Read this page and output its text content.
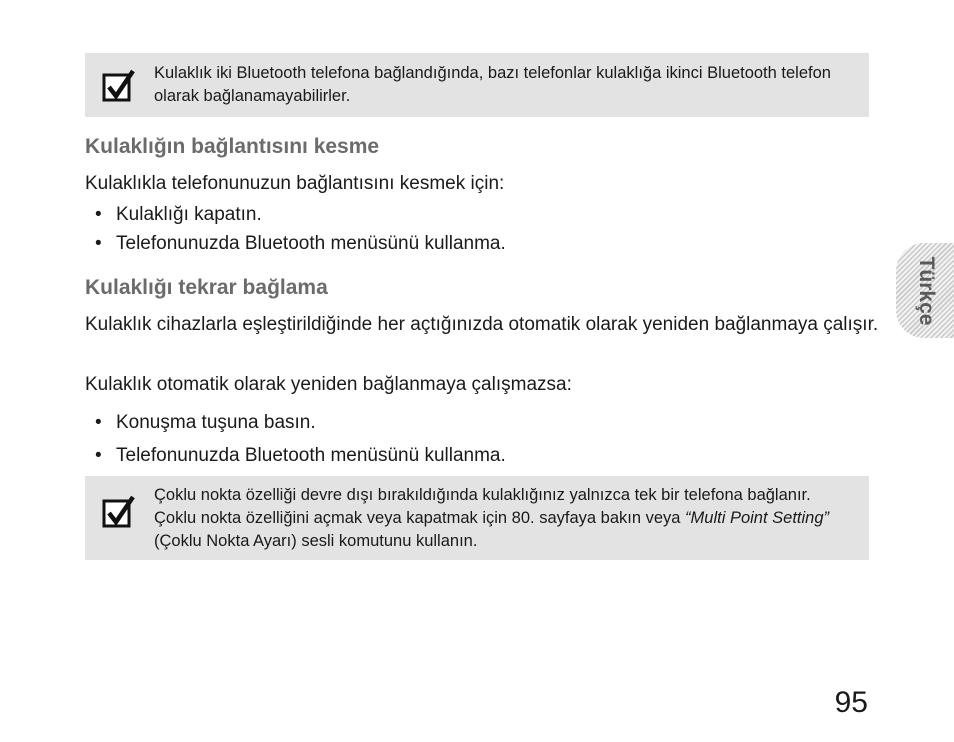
Kulaklık iki Bluetooth telefona bağlandığında, bazı telefonlar kulaklığa ikinci Bluetooth telefon olarak bağlanamayabilirler.
Kulaklığın bağlantısını kesme

Kulaklıkla telefonunuzun bağlantısını kesmek için:

• Kulaklığı kapatın.

• Telefonunuzda Bluetooth menüsünü kullanma.

Kulaklığı tekrar bağlama

Kulaklık cihazlarla eşleştirildiğinde her açtığınızda otomatik olarak yeniden bağlanmaya çalışır.

Kulaklık otomatik olarak yeniden bağlanmaya çalışmazsa:

• Konuşma tuşuna basın.

• Telefonunuzda Bluetooth menüsünü kullanma.

Çoklu nokta özelliği devre dışı bırakıldığında kulaklığınız yalnızca tek bir telefona bağlanır. Çoklu nokta özelliğini açmak veya kapatmak için 80. sayfaya bakın veya “Multi Point Setting” (Çoklu Nokta Ayarı) sesli komutunu kullanın.
Türkçe
95
